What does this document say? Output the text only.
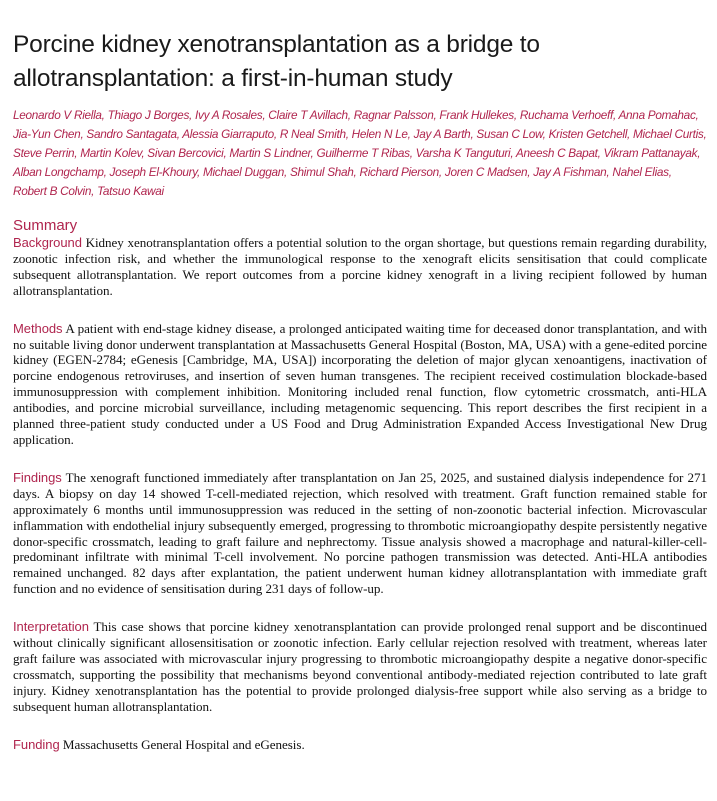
Porcine kidney xenotransplantation as a bridge to allotransplantation: a first-in-human study
Leonardo V Riella, Thiago J Borges, Ivy A Rosales, Claire T Avillach, Ragnar Palsson, Frank Hullekes, Ruchama Verhoeff, Anna Pomahac, Jia-Yun Chen, Sandro Santagata, Alessia Giarraputo, R Neal Smith, Helen N Le, Jay A Barth, Susan C Low, Kristen Getchell, Michael Curtis, Steve Perrin, Martin Kolev, Sivan Bercovici, Martin S Lindner, Guilherme T Ribas, Varsha K Tanguturi, Aneesh C Bapat, Vikram Pattanayak, Alban Longchamp, Joseph El-Khoury, Michael Duggan, Shimul Shah, Richard Pierson, Joren C Madsen, Jay A Fishman, Nahel Elias, Robert B Colvin, Tatsuo Kawai
Summary

Background Kidney xenotransplantation offers a potential solution to the organ shortage, but questions remain regarding durability, zoonotic infection risk, and whether the immunological response to the xenograft elicits sensitisation that could complicate subsequent allotransplantation. We report outcomes from a porcine kidney xenograft in a living recipient followed by human allotransplantation.

Methods A patient with end-stage kidney disease, a prolonged anticipated waiting time for deceased donor transplantation, and with no suitable living donor underwent transplantation at Massachusetts General Hospital (Boston, MA, USA) with a gene-edited porcine kidney (EGEN-2784; eGenesis [Cambridge, MA, USA]) incorporating the deletion of major glycan xenoantigens, inactivation of porcine endogenous retroviruses, and insertion of seven human transgenes. The recipient received costimulation blockade-based immunosuppression with complement inhibition. Monitoring included renal function, flow cytometric crossmatch, anti-HLA antibodies, and porcine microbial surveillance, including metagenomic sequencing. This report describes the first recipient in a planned three-patient study conducted under a US Food and Drug Administration Expanded Access Investigational New Drug application.

Findings The xenograft functioned immediately after transplantation on Jan 25, 2025, and sustained dialysis independence for 271 days. A biopsy on day 14 showed T-cell-mediated rejection, which resolved with treatment. Graft function remained stable for approximately 6 months until immunosuppression was reduced in the setting of non-zoonotic bacterial infection. Microvascular inflammation with endothelial injury subsequently emerged, progressing to thrombotic microangiopathy despite persistently negative donor-specific crossmatch, leading to graft failure and nephrectomy. Tissue analysis showed a macrophage and natural-killer-cell-predominant infiltrate with minimal T-cell involvement. No porcine pathogen transmission was detected. Anti-HLA antibodies remained unchanged. 82 days after explantation, the patient underwent human kidney allotransplantation with immediate graft function and no evidence of sensitisation during 231 days of follow-up.

Interpretation This case shows that porcine kidney xenotransplantation can provide prolonged renal support and be discontinued without clinically significant allosensitisation or zoonotic infection. Early cellular rejection resolved with treatment, whereas later graft failure was associated with microvascular injury progressing to thrombotic microangiopathy despite a negative donor-specific crossmatch, supporting the possibility that mechanisms beyond conventional antibody-mediated rejection contributed to late graft injury. Kidney xenotransplantation has the potential to provide prolonged dialysis-free support while also serving as a bridge to subsequent human allotransplantation.

Funding Massachusetts General Hospital and eGenesis.
